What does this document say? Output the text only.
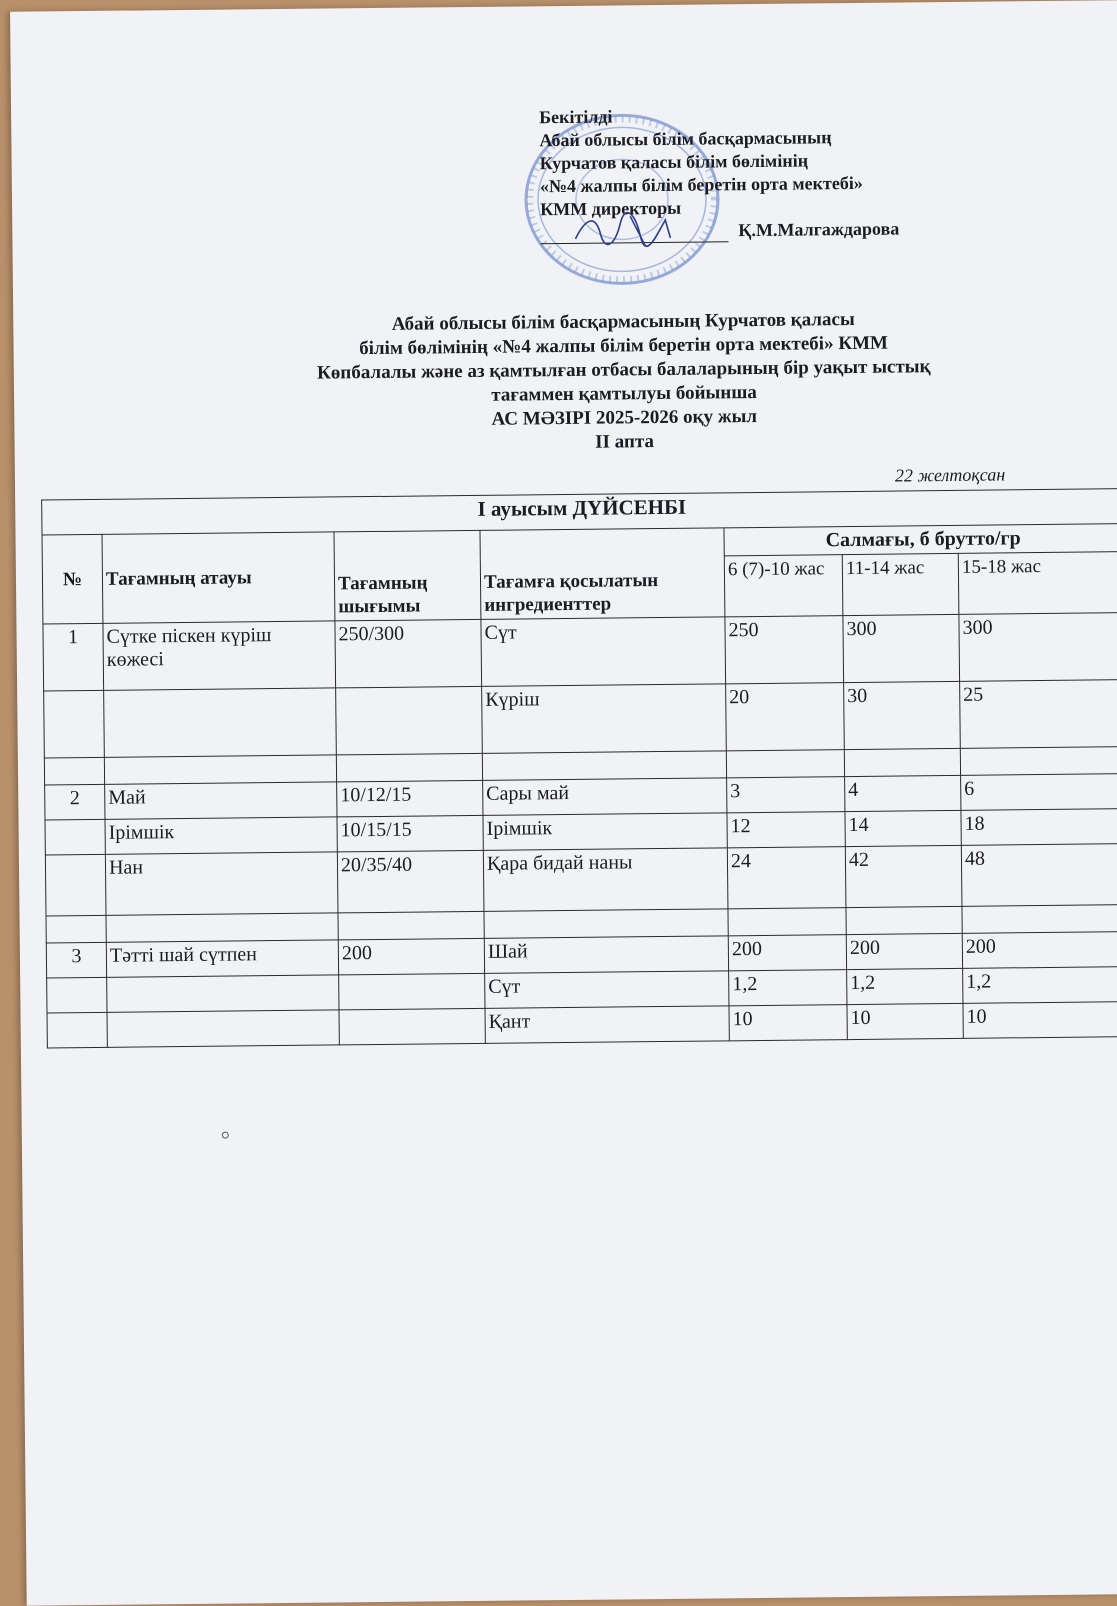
Бекітілді
Абай облысы білім басқармасының
Курчатов қаласы білім бөлімінің
«№4 жалпы білім беретін орта мектебі»
КММ директоры
Қ.М.Малгаждарова
Абай облысы білім басқармасының Курчатов қаласы
білім бөлімінің «№4 жалпы білім беретін орта мектебі» КММ
Көпбалалы және аз қамтылған отбасы балаларының бір уақыт ыстық
тағаммен қамтылуы бойынша
АС МӘЗІРІ 2025-2026 оқу жыл
ІІ апта
22 желтоқсан
І ауысым ДҮЙСЕНБІ						
№	Тағамның атауы	Тағамның шығымы	Тағамға қосылатын ингредиенттер	Салмағы, б брутто/гр		
				6 (7)-10 жас	11-14 жас	15-18 жас
1	Сүтке піскен күріш көжесі	250/300	Сүт	250	300	300
			Күріш	20	30	25

2	Май	10/12/15	Сары май	3	4	6
	Ірімшік	10/15/15	Ірімшік	12	14	18
	Нан	20/35/40	Қара бидай наны	24	42	48

3	Тәтті шай сүтпен	200	Шай	200	200	200
			Сүт	1,2	1,2	1,2
			Қант	10	10	10
